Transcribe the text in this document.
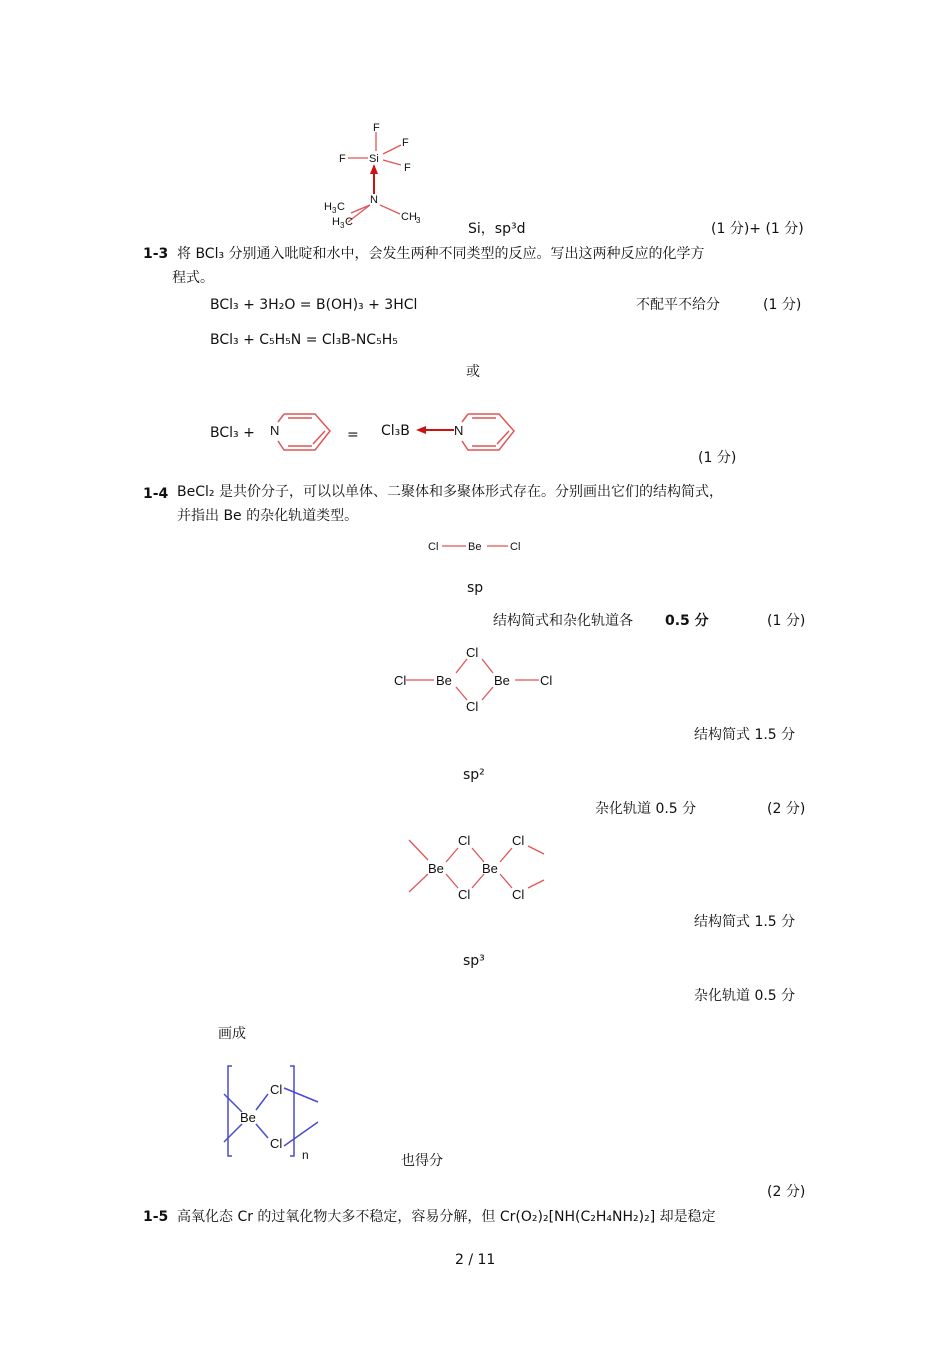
F
F
F
F
Si
N
H 3 C
H 3 C	CH 3
Si，sp³d	(1 分)+ (1 分)
1-3 将 BCl₃ 分别通入吡啶和水中，会发生两种不同类型的反应。写出这两种反应的化学方
程式。
BCl₃ + 3H₂O = B(OH)₃ + 3HCl	不配平不给分	(1 分)
BCl₃ + C₅H₅N = Cl₃B-NC₅H₅
或
BCl₃ + N	= Cl₃B	N
(1 分)
1-4 BeCl₂ 是共价分子，可以以单体、二聚体和多聚体形式存在。分别画出它们的结构简式，
并指出 Be 的杂化轨道类型。
Cl	Be	Cl
sp
结构简式和杂化轨道各 0.5 分	(1 分)
Cl Be	Be Cl
Cl
Cl
结构简式 1.5 分
sp²
杂化轨道 0.5 分	(2 分)
Cl	Cl
Be	Be
Cl	Cl
结构简式 1.5 分
sp³
杂化轨道 0.5 分
画成
Cl
Be
Cl
n	也得分
(2 分)
1-5 高氧化态 Cr 的过氧化物大多不稳定，容易分解，但 Cr(O₂)₂[NH(C₂H₄NH₂)₂] 却是稳定
2 / 11
